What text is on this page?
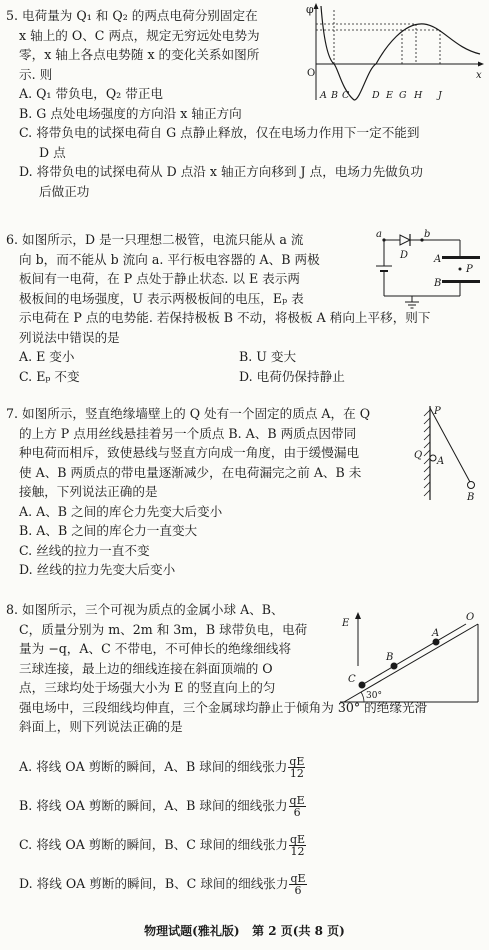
5. 电荷量为 Q₁ 和 Q₂ 的两点电荷分别固定在
x 轴上的 O、C 两点，规定无穷远处电势为
零，x 轴上各点电势随 x 的变化关系如图所
示. 则
A. Q₁ 带负电，Q₂ 带正电
B. G 点处电场强度的方向沿 x 轴正方向
C. 将带负电的试探电荷自 G 点静止释放，仅在电场力作用下一定不能到
D 点
D. 将带负电的试探电荷从 D 点沿 x 轴正方向移到 J 点，电场力先做负功
后做正功
φ
x
O
A B C D E G H J
6. 如图所示，D 是一只理想二极管，电流只能从 a 流
向 b，而不能从 b 流向 a. 平行板电容器的 A、B 两极
板间有一电荷，在 P 点处于静止状态. 以 E 表示两
极板间的电场强度，U 表示两极板间的电压，Eₚ 表
示电荷在 P 点的电势能. 若保持极板 B 不动，将极板 A 稍向上平移，则下
列说法中错误的是
A. E 变小	B. U 变大
C. Eₚ 不变	D. 电荷仍保持静止
a	b
D	A
P
B
7. 如图所示，竖直绝缘墙壁上的 Q 处有一个固定的质点 A，在 Q
的上方 P 点用丝线悬挂着另一个质点 B. A、B 两质点因带同
种电荷而相斥，致使悬线与竖直方向成一角度，由于缓慢漏电
使 A、B 两质点的带电量逐渐减少，在电荷漏完之前 A、B 未
接触，下列说法正确的是
A. A、B 之间的库仑力先变大后变小
B. A、B 之间的库仑力一直变大
C. 丝线的拉力一直不变
D. 丝线的拉力先变大后变小
P
B
Q
A
8. 如图所示，三个可视为质点的金属小球 A、B、
C，质量分别为 m、2m 和 3m，B 球带负电，电荷
量为 −q，A、C 不带电，不可伸长的绝缘细线将
三球连接，最上边的细线连接在斜面顶端的 O
点，三球均处于场强大小为 E 的竖直向上的匀
强电场中，三段细线均伸直，三个金属球均静止于倾角为 30° 的绝缘光滑
斜面上，则下列说法正确的是
A. 将线 OA 剪断的瞬间，A、B 球间的细线张力 $\frac{qE}{12}$
B. 将线 OA 剪断的瞬间，A、B 球间的细线张力 $\frac{qE}{6}$
C. 将线 OA 剪断的瞬间，B、C 球间的细线张力 $\frac{qE}{12}$
D. 将线 OA 剪断的瞬间，B、C 球间的细线张力 $\frac{qE}{6}$
E
O
C
B
A
30°
物理试题(雅礼版) 第 2 页(共 8 页)
